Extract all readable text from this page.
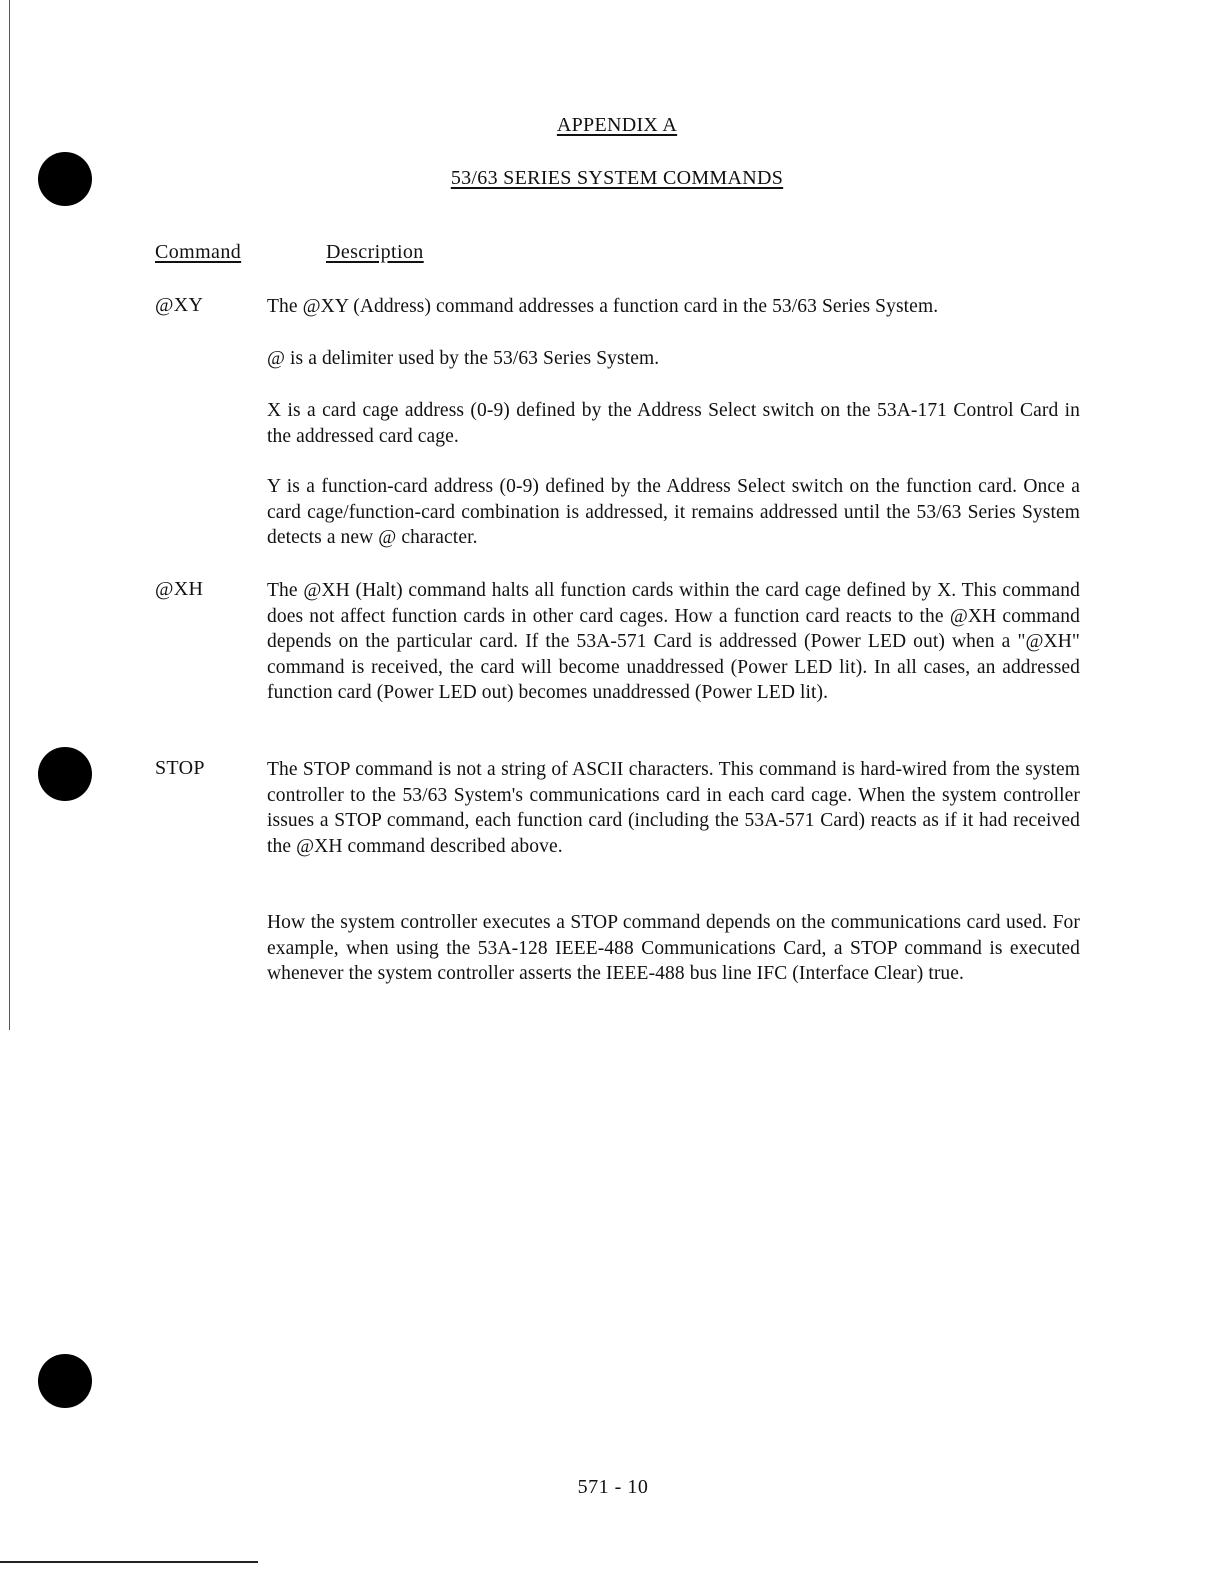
APPENDIX A
53/63 SERIES SYSTEM COMMANDS
Command	Description
@XY	The @XY (Address) command addresses a function card in the 53/63 Series System.
@ is a delimiter used by the 53/63 Series System.
X is a card cage address (0-9) defined by the Address Select switch on the 53A-171 Control Card in the addressed card cage.
Y is a function-card address (0-9) defined by the Address Select switch on the function card. Once a card cage/function-card combination is addressed, it remains addressed until the 53/63 Series System detects a new @ character.
@XH	The @XH (Halt) command halts all function cards within the card cage defined by X. This command does not affect function cards in other card cages. How a function card reacts to the @XH command depends on the particular card. If the 53A-571 Card is addressed (Power LED out) when a "@XH" command is received, the card will become unaddressed (Power LED lit). In all cases, an addressed function card (Power LED out) becomes unaddressed (Power LED lit).
STOP	The STOP command is not a string of ASCII characters. This command is hard-wired from the system controller to the 53/63 System's communications card in each card cage. When the system controller issues a STOP command, each function card (including the 53A-571 Card) reacts as if it had received the @XH command described above.
How the system controller executes a STOP command depends on the communications card used. For example, when using the 53A-128 IEEE-488 Communications Card, a STOP command is executed whenever the system controller asserts the IEEE-488 bus line IFC (Interface Clear) true.
571 - 10
